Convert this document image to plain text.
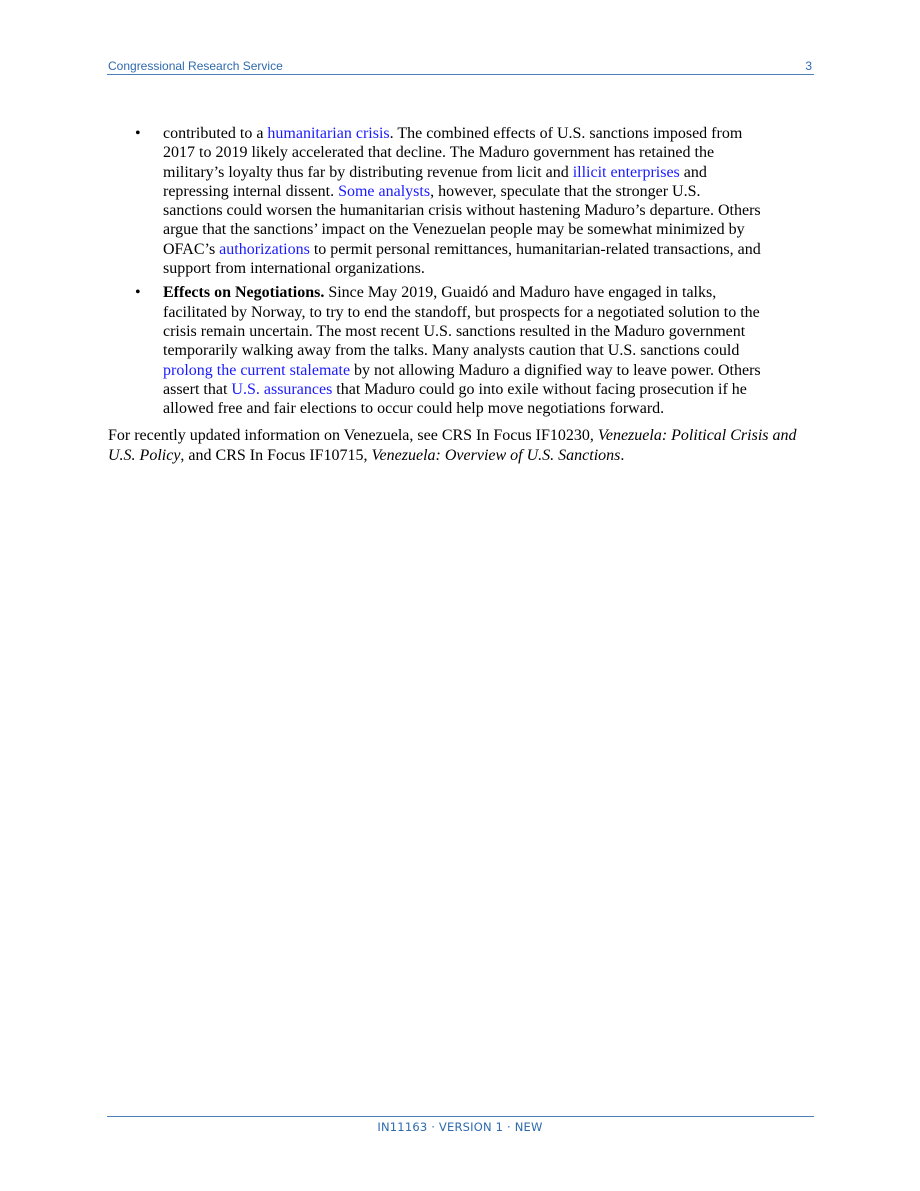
Congressional Research Service	3
• contributed to a humanitarian crisis. The combined effects of U.S. sanctions imposed from 2017 to 2019 likely accelerated that decline. The Maduro government has retained the military’s loyalty thus far by distributing revenue from licit and illicit enterprises and repressing internal dissent. Some analysts, however, speculate that the stronger U.S. sanctions could worsen the humanitarian crisis without hastening Maduro’s departure. Others argue that the sanctions’ impact on the Venezuelan people may be somewhat minimized by OFAC’s authorizations to permit personal remittances, humanitarian-related transactions, and support from international organizations.
• Effects on Negotiations. Since May 2019, Guaidó and Maduro have engaged in talks, facilitated by Norway, to try to end the standoff, but prospects for a negotiated solution to the crisis remain uncertain. The most recent U.S. sanctions resulted in the Maduro government temporarily walking away from the talks. Many analysts caution that U.S. sanctions could prolong the current stalemate by not allowing Maduro a dignified way to leave power. Others assert that U.S. assurances that Maduro could go into exile without facing prosecution if he allowed free and fair elections to occur could help move negotiations forward.

For recently updated information on Venezuela, see CRS In Focus IF10230, Venezuela: Political Crisis and U.S. Policy, and CRS In Focus IF10715, Venezuela: Overview of U.S. Sanctions.

IN11163 · VERSION 1 · NEW
